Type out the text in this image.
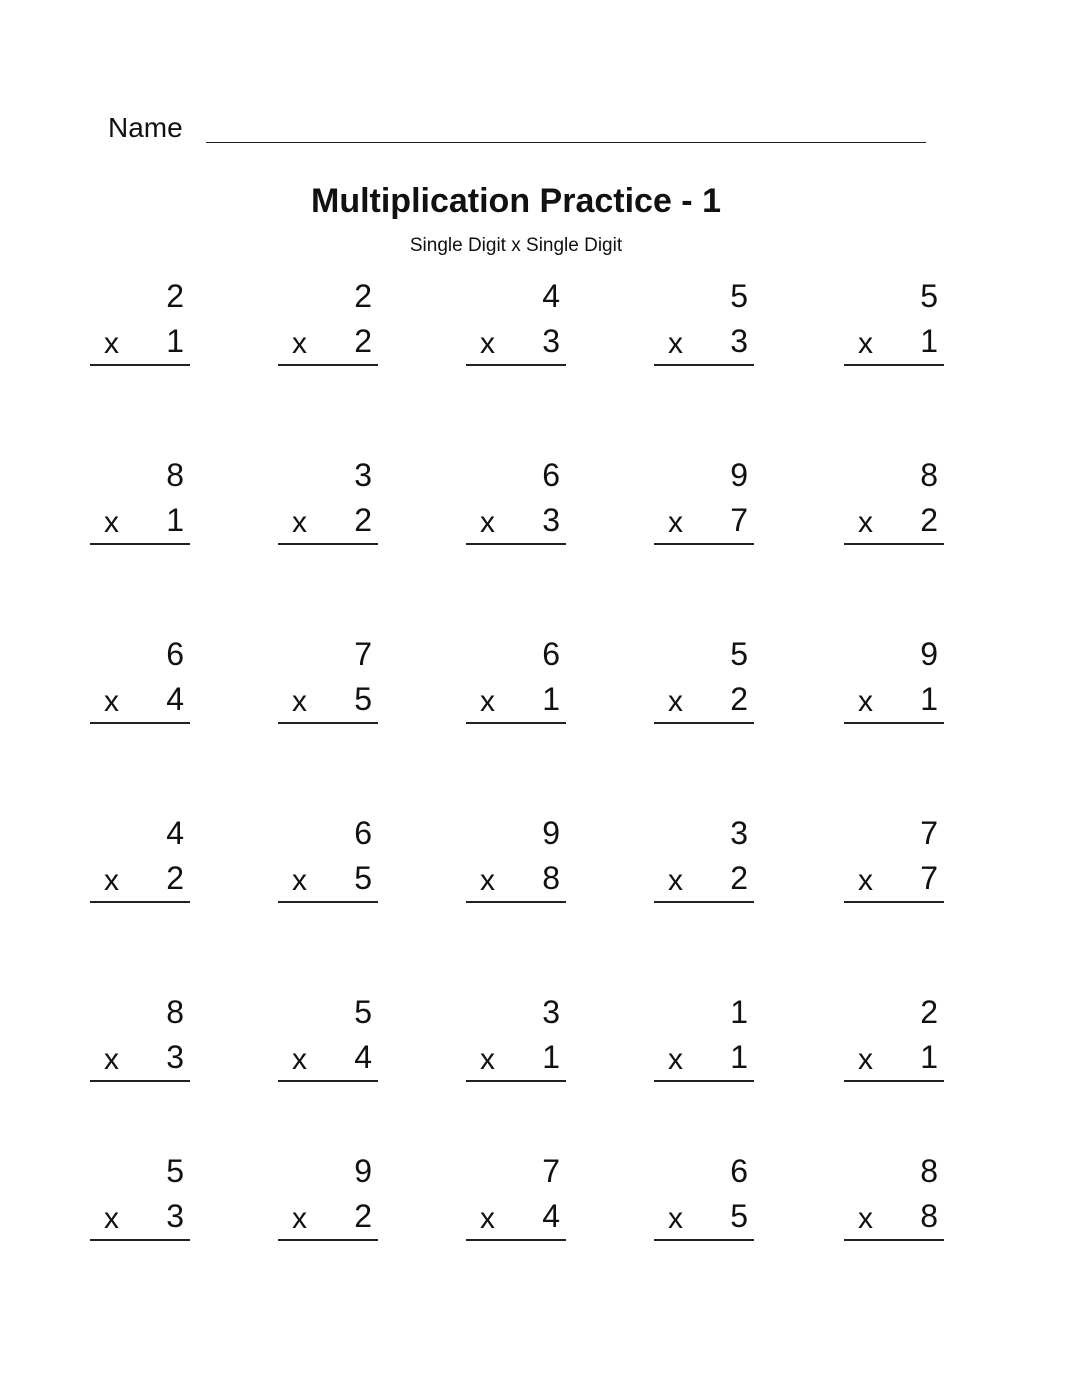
Name
Multiplication Practice - 1
Single Digit x Single Digit
2
x 1
2
x 2
4
x 3
5
x 3
5
x 1
8
x 1
3
x 2
6
x 3
9
x 7
8
x 2
6
x 4
7
x 5
6
x 1
5
x 2
9
x 1
4
x 2
6
x 5
9
x 8
3
x 2
7
x 7
8
x 3
5
x 4
3
x 1
1
x 1
2
x 1
5
x 3
9
x 2
7
x 4
6
x 5
8
x 8
